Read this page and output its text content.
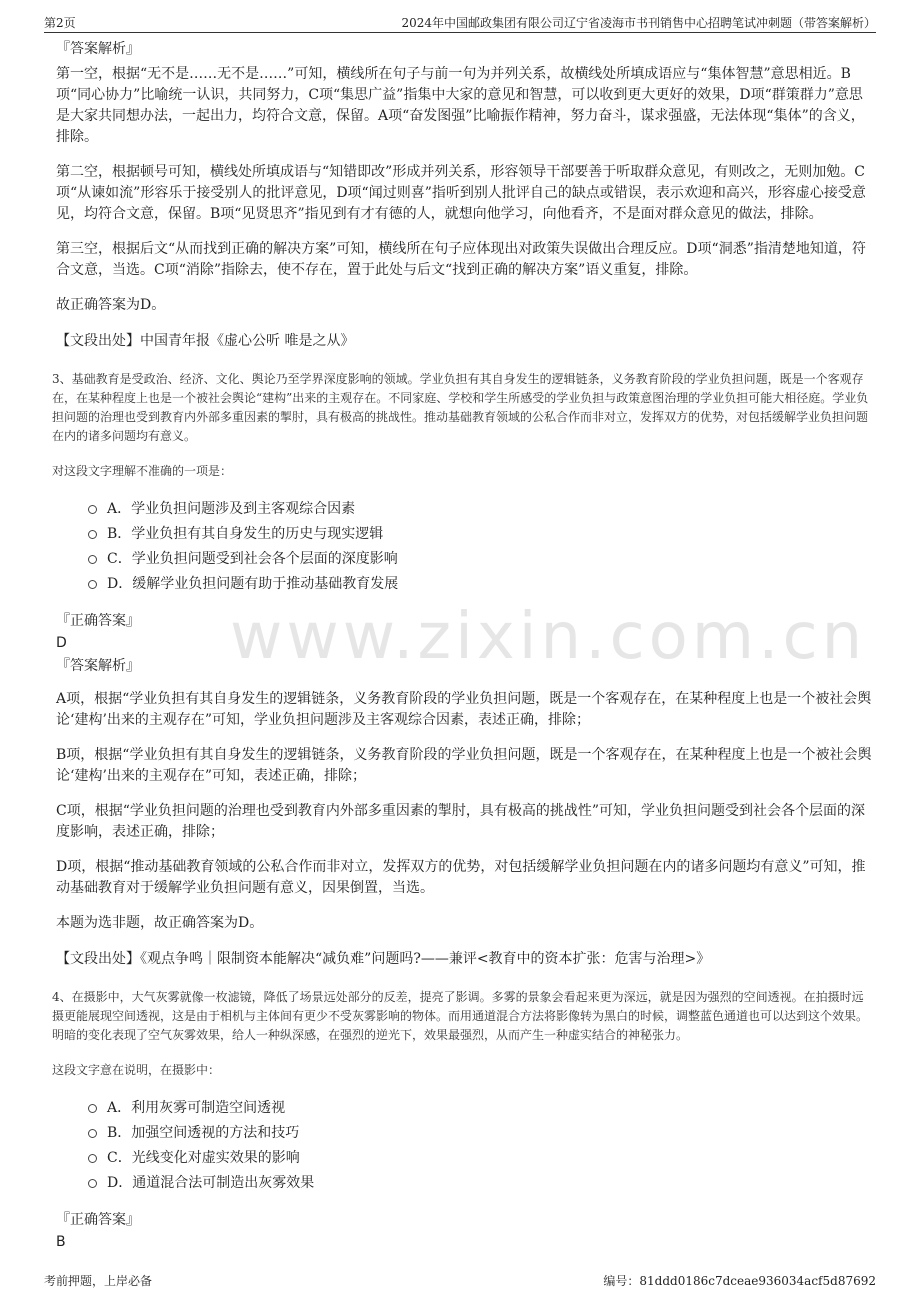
第2页	2024年中国邮政集团有限公司辽宁省凌海市书刊销售中心招聘笔试冲刺题（带答案解析）
www.zixin.com.cn
『答案解析』

第一空，根据“无不是……无不是……”可知，横线所在句子与前一句为并列关系，故横线处所填成语应与“集体智慧”意思相近。B项“同心协力”比喻统一认识，共同努力，C项“集思广益”指集中大家的意见和智慧，可以收到更大更好的效果，D项“群策群力”意思是大家共同想办法，一起出力，均符合文意，保留。A项“奋发图强”比喻振作精神，努力奋斗，谋求强盛，无法体现“集体”的含义，排除。

第二空，根据顿号可知，横线处所填成语与“知错即改”形成并列关系，形容领导干部要善于听取群众意见，有则改之，无则加勉。C项“从谏如流”形容乐于接受别人的批评意见，D项“闻过则喜”指听到别人批评自己的缺点或错误，表示欢迎和高兴，形容虚心接受意见，均符合文意，保留。B项“见贤思齐”指见到有才有德的人，就想向他学习，向他看齐，不是面对群众意见的做法，排除。

第三空，根据后文“从而找到正确的解决方案”可知，横线所在句子应体现出对政策失误做出合理反应。D项“洞悉”指清楚地知道，符合文意，当选。C项“消除”指除去，使不存在，置于此处与后文“找到正确的解决方案”语义重复，排除。

故正确答案为D。

【文段出处】中国青年报《虚心公听 唯是之从》

3、基础教育是受政治、经济、文化、舆论乃至学界深度影响的领域。学业负担有其自身发生的逻辑链条，义务教育阶段的学业负担问题，既是一个客观存在，在某种程度上也是一个被社会舆论“建构”出来的主观存在。不同家庭、学校和学生所感受的学业负担与政策意图治理的学业负担可能大相径庭。学业负担问题的治理也受到教育内外部多重因素的掣肘，具有极高的挑战性。推动基础教育领域的公私合作而非对立，发挥双方的优势，对包括缓解学业负担问题在内的诸多问题均有意义。

对这段文字理解不准确的一项是：

A．学业负担问题涉及到主客观综合因素
B．学业负担有其自身发生的历史与现实逻辑
C．学业负担问题受到社会各个层面的深度影响
D．缓解学业负担问题有助于推动基础教育发展
『正确答案』
D
『答案解析』

A项，根据“学业负担有其自身发生的逻辑链条，义务教育阶段的学业负担问题，既是一个客观存在，在某种程度上也是一个被社会舆论‘建构’出来的主观存在”可知，学业负担问题涉及主客观综合因素，表述正确，排除；

B项，根据“学业负担有其自身发生的逻辑链条，义务教育阶段的学业负担问题，既是一个客观存在，在某种程度上也是一个被社会舆论‘建构’出来的主观存在”可知，表述正确，排除；

C项，根据“学业负担问题的治理也受到教育内外部多重因素的掣肘，具有极高的挑战性”可知，学业负担问题受到社会各个层面的深度影响，表述正确，排除；

D项，根据“推动基础教育领域的公私合作而非对立，发挥双方的优势，对包括缓解学业负担问题在内的诸多问题均有意义”可知，推动基础教育对于缓解学业负担问题有意义，因果倒置，当选。

本题为选非题，故正确答案为D。

【文段出处】《观点争鸣｜限制资本能解决“减负难”问题吗?——兼评<教育中的资本扩张：危害与治理>》

4、在摄影中，大气灰雾就像一枚滤镜，降低了场景远处部分的反差，提亮了影调。多雾的景象会看起来更为深远，就是因为强烈的空间透视。在拍摄时远摄更能展现空间透视，这是由于相机与主体间有更少不受灰雾影响的物体。而用通道混合方法将影像转为黑白的时候，调整蓝色通道也可以达到这个效果。明暗的变化表现了空气灰雾效果，给人一种纵深感，在强烈的逆光下，效果最强烈，从而产生一种虚实结合的神秘张力。

这段文字意在说明，在摄影中：

A．利用灰雾可制造空间透视
B．加强空间透视的方法和技巧
C．光线变化对虚实效果的影响
D．通道混合法可制造出灰雾效果
『正确答案』
B
考前押题，上岸必备	编号：81ddd0186c7dceae936034acf5d87692
